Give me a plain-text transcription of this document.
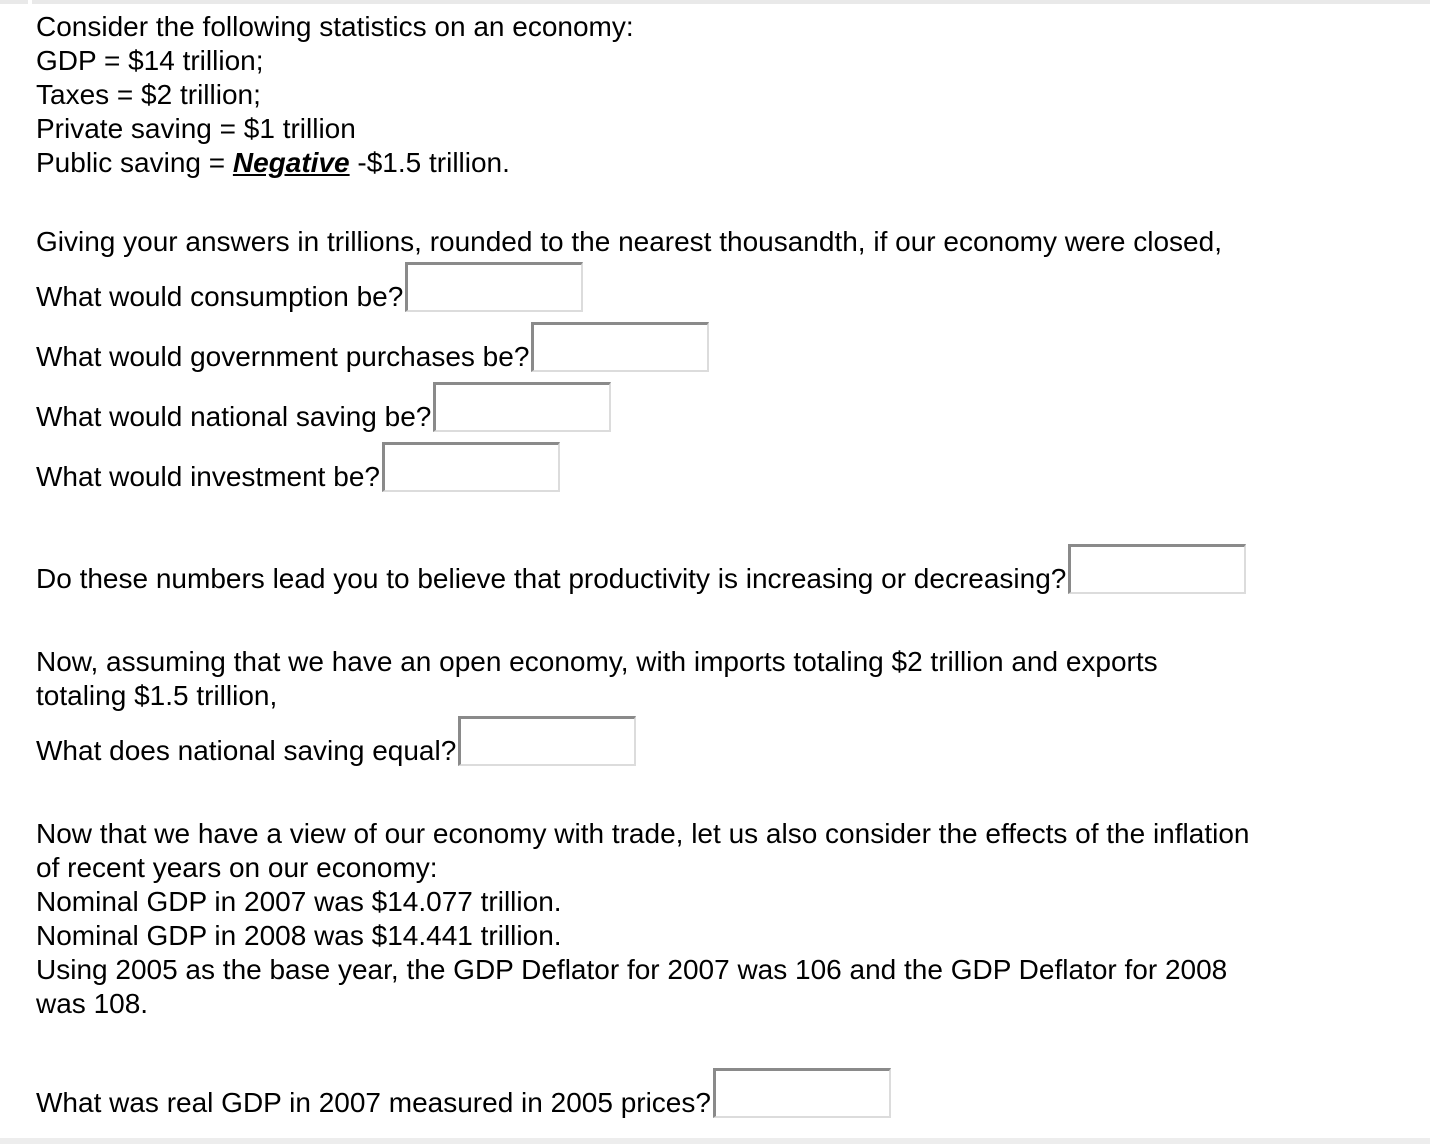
Consider the following statistics on an economy:
GDP = $14 trillion;
Taxes = $2 trillion;
Private saving = $1 trillion
Public saving = Negative -$1.5 trillion.
Giving your answers in trillions, rounded to the nearest thousandth, if our economy were closed,
What would consumption be?
What would government purchases be?
What would national saving be?
What would investment be?
Do these numbers lead you to believe that productivity is increasing or decreasing?
Now, assuming that we have an open economy, with imports totaling $2 trillion and exports
totaling $1.5 trillion,
What does national saving equal?
Now that we have a view of our economy with trade, let us also consider the effects of the inflation
of recent years on our economy:
Nominal GDP in 2007 was $14.077 trillion.
Nominal GDP in 2008 was $14.441 trillion.
Using 2005 as the base year, the GDP Deflator for 2007 was 106 and the GDP Deflator for 2008
was 108.
What was real GDP in 2007 measured in 2005 prices?
